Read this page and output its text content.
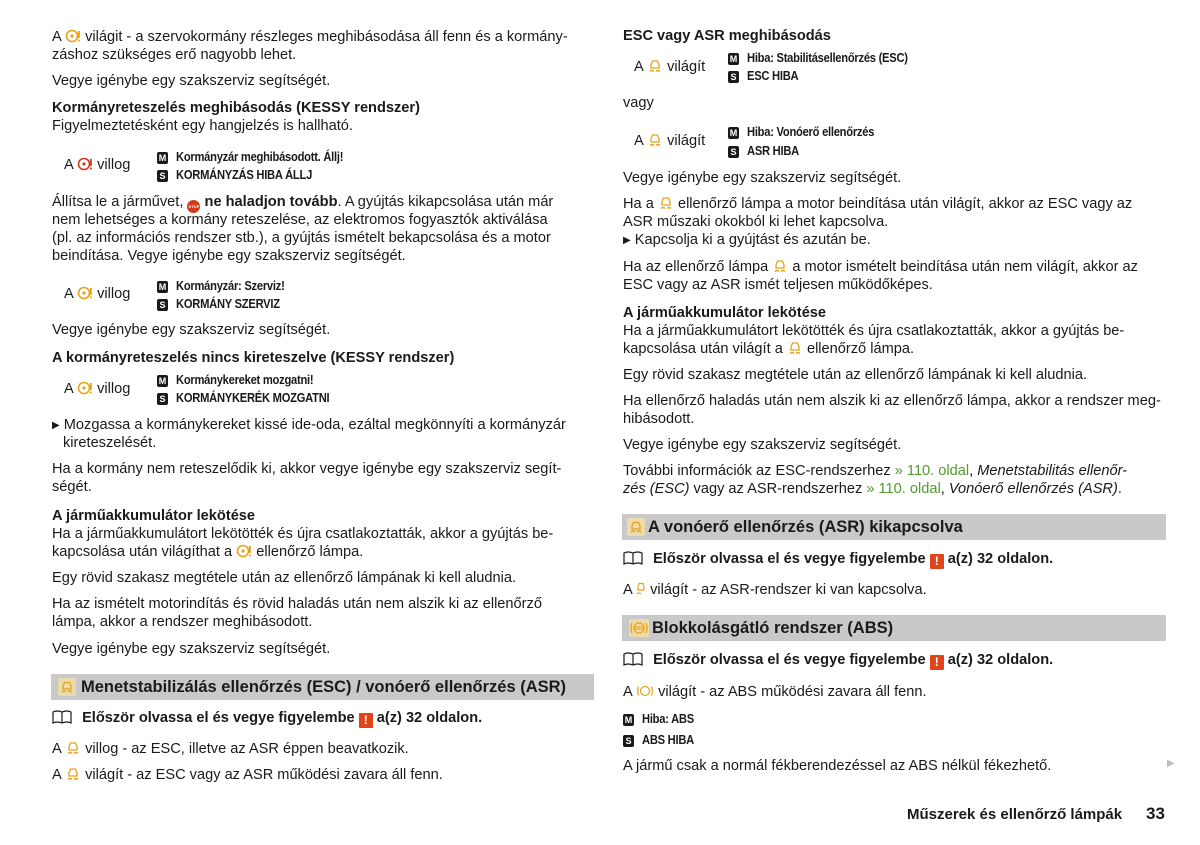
A világit - a szervokormány részleges meghibásodása áll fenn és a kormány-
záshoz szükséges erő nagyobb lehet.
Vegye igénybe egy szakszerviz segítségét.
Kormányreteszelés meghibásodás (KESSY rendszer)
Figyelmeztetésként egy hangjelzés is hallható.
A villog	M Kormányzár meghibásodott. Állj!
S KORMÁNYZÁS HIBA ÁLLJ
Állítsa le a járművet, STOP ne haladjon tovább. A gyújtás kikapcsolása után már
nem lehetséges a kormány reteszelése, az elektromos fogyasztók aktiválása
(pl. az információs rendszer stb.), a gyújtás ismételt bekapcsolása és a motor
beindítása. Vegye igénybe egy szakszerviz segítségét.
A villog	M Kormányzár: Szerviz!
S KORMÁNY SZERVIZ
Vegye igénybe egy szakszerviz segítségét.
A kormányreteszelés nincs kireteszelve (KESSY rendszer)
A villog	M Kormánykereket mozgatni!
S KORMÁNYKERÉK MOZGATNI
▶ Mozgassa a kormánykereket kissé ide-oda, ezáltal megkönnyíti a kormányzár
kireteszelését.
Ha a kormány nem reteszelődik ki, akkor vegye igénybe egy szakszerviz segít-
ségét.
A járműakkumulátor lekötése
Ha a járműakkumulátort lekötötték és újra csatlakoztatták, akkor a gyújtás be-
kapcsolása után világíthat a ellenőrző lámpa.
Egy rövid szakasz megtétele után az ellenőrző lámpának ki kell aludnia.
Ha az ismételt motorindítás és rövid haladás után nem alszik ki az ellenőrző
lámpa, akkor a rendszer meghibásodott.
Vegye igénybe egy szakszerviz segítségét.
Menetstabilizálás ellenőrzés (ESC) / vonóerő ellenőrzés (ASR)
Először olvassa el és vegye figyelembe ! a(z) 32 oldalon.
A villog - az ESC, illetve az ASR éppen beavatkozik.
A világít - az ESC vagy az ASR működési zavara áll fenn.
ESC vagy ASR meghibásodás
A világít	M Hiba: Stabilitásellenőrzés (ESC)
S ESC HIBA
vagy
A világít	M Hiba: Vonóerő ellenőrzés
S ASR HIBA
Vegye igénybe egy szakszerviz segítségét.
Ha a ellenőrző lámpa a motor beindítása után világít, akkor az ESC vagy az
ASR műszaki okokból ki lehet kapcsolva.
▶ Kapcsolja ki a gyújtást és azután be.
Ha az ellenőrző lámpa a motor ismételt beindítása után nem világít, akkor az
ESC vagy az ASR ismét teljesen működőképes.
A járműakkumulátor lekötése
Ha a járműakkumulátort lekötötték és újra csatlakoztatták, akkor a gyújtás be-
kapcsolása után világít a ellenőrző lámpa.
Egy rövid szakasz megtétele után az ellenőrző lámpának ki kell aludnia.
Ha ellenőrző haladás után nem alszik ki az ellenőrző lámpa, akkor a rendszer meg-
hibásodott.
Vegye igénybe egy szakszerviz segítségét.
További információk az ESC-rendszerhez » 110. oldal, Menetstabilitás ellenőr-
zés (ESC) vagy az ASR-rendszerhez » 110. oldal, Vonóerő ellenőrzés (ASR).
A vonóerő ellenőrzés (ASR) kikapcsolva
Először olvassa el és vegye figyelembe ! a(z) 32 oldalon.
A világít - az ASR-rendszer ki van kapcsolva.
ABS Blokkolásgátló rendszer (ABS)
Először olvassa el és vegye figyelembe ! a(z) 32 oldalon.
A világít - az ABS működési zavara áll fenn.
M Hiba: ABS
S ABS HIBA
A jármű csak a normál fékberendezéssel az ABS nélkül fékezhető.	▶
Műszerek és ellenőrző lámpák 33
